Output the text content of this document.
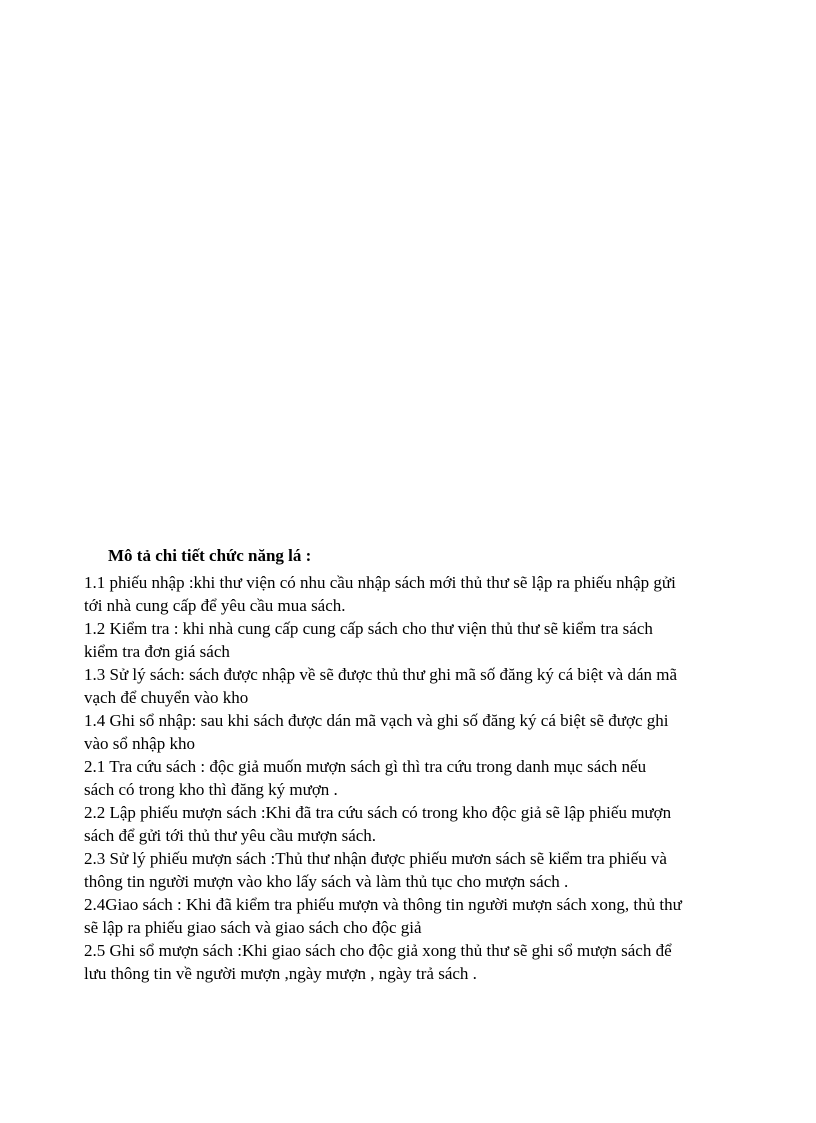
Mô tả chi tiết chức năng lá :
1.1 phiếu nhập :khi thư viện có nhu cầu nhập sách mới thủ thư sẽ lập ra phiếu nhập gửi
tới nhà cung cấp để yêu cầu mua sách.
1.2 Kiểm tra : khi nhà cung cấp cung cấp sách cho thư viện thủ thư sẽ kiểm tra sách
kiểm tra đơn giá sách
1.3 Sử lý sách: sách được nhập về sẽ được thủ thư ghi mã số đăng ký cá biệt và dán mã
vạch để chuyển vào kho
1.4 Ghi sổ nhập: sau khi sách được dán mã vạch và ghi số đăng ký cá biệt sẽ được ghi
vào sổ nhập kho
2.1 Tra cứu sách : độc giả muốn mượn sách gì thì tra cứu trong danh mục sách nếu
sách có trong kho thì đăng ký mượn .
2.2 Lập phiếu mượn sách :Khi đã tra cứu sách có trong kho độc giả sẽ lập phiếu mượn
sách để gửi tới thủ thư yêu cầu mượn sách.
2.3 Sử lý phiếu mượn sách :Thủ thư nhận được phiếu mươn sách sẽ kiểm tra phiếu và
thông tin người mượn vào kho lấy sách và làm thủ tục cho mượn sách .
2.4Giao sách : Khi đã kiểm tra phiếu mượn và thông tin người mượn sách xong, thủ thư
sẽ lập ra phiếu giao sách và giao sách cho độc giả
2.5 Ghi sổ mượn sách :Khi giao sách cho độc giả xong thủ thư sẽ ghi sổ mượn sách để
lưu thông tin về người mượn ,ngày mượn , ngày trả sách .
